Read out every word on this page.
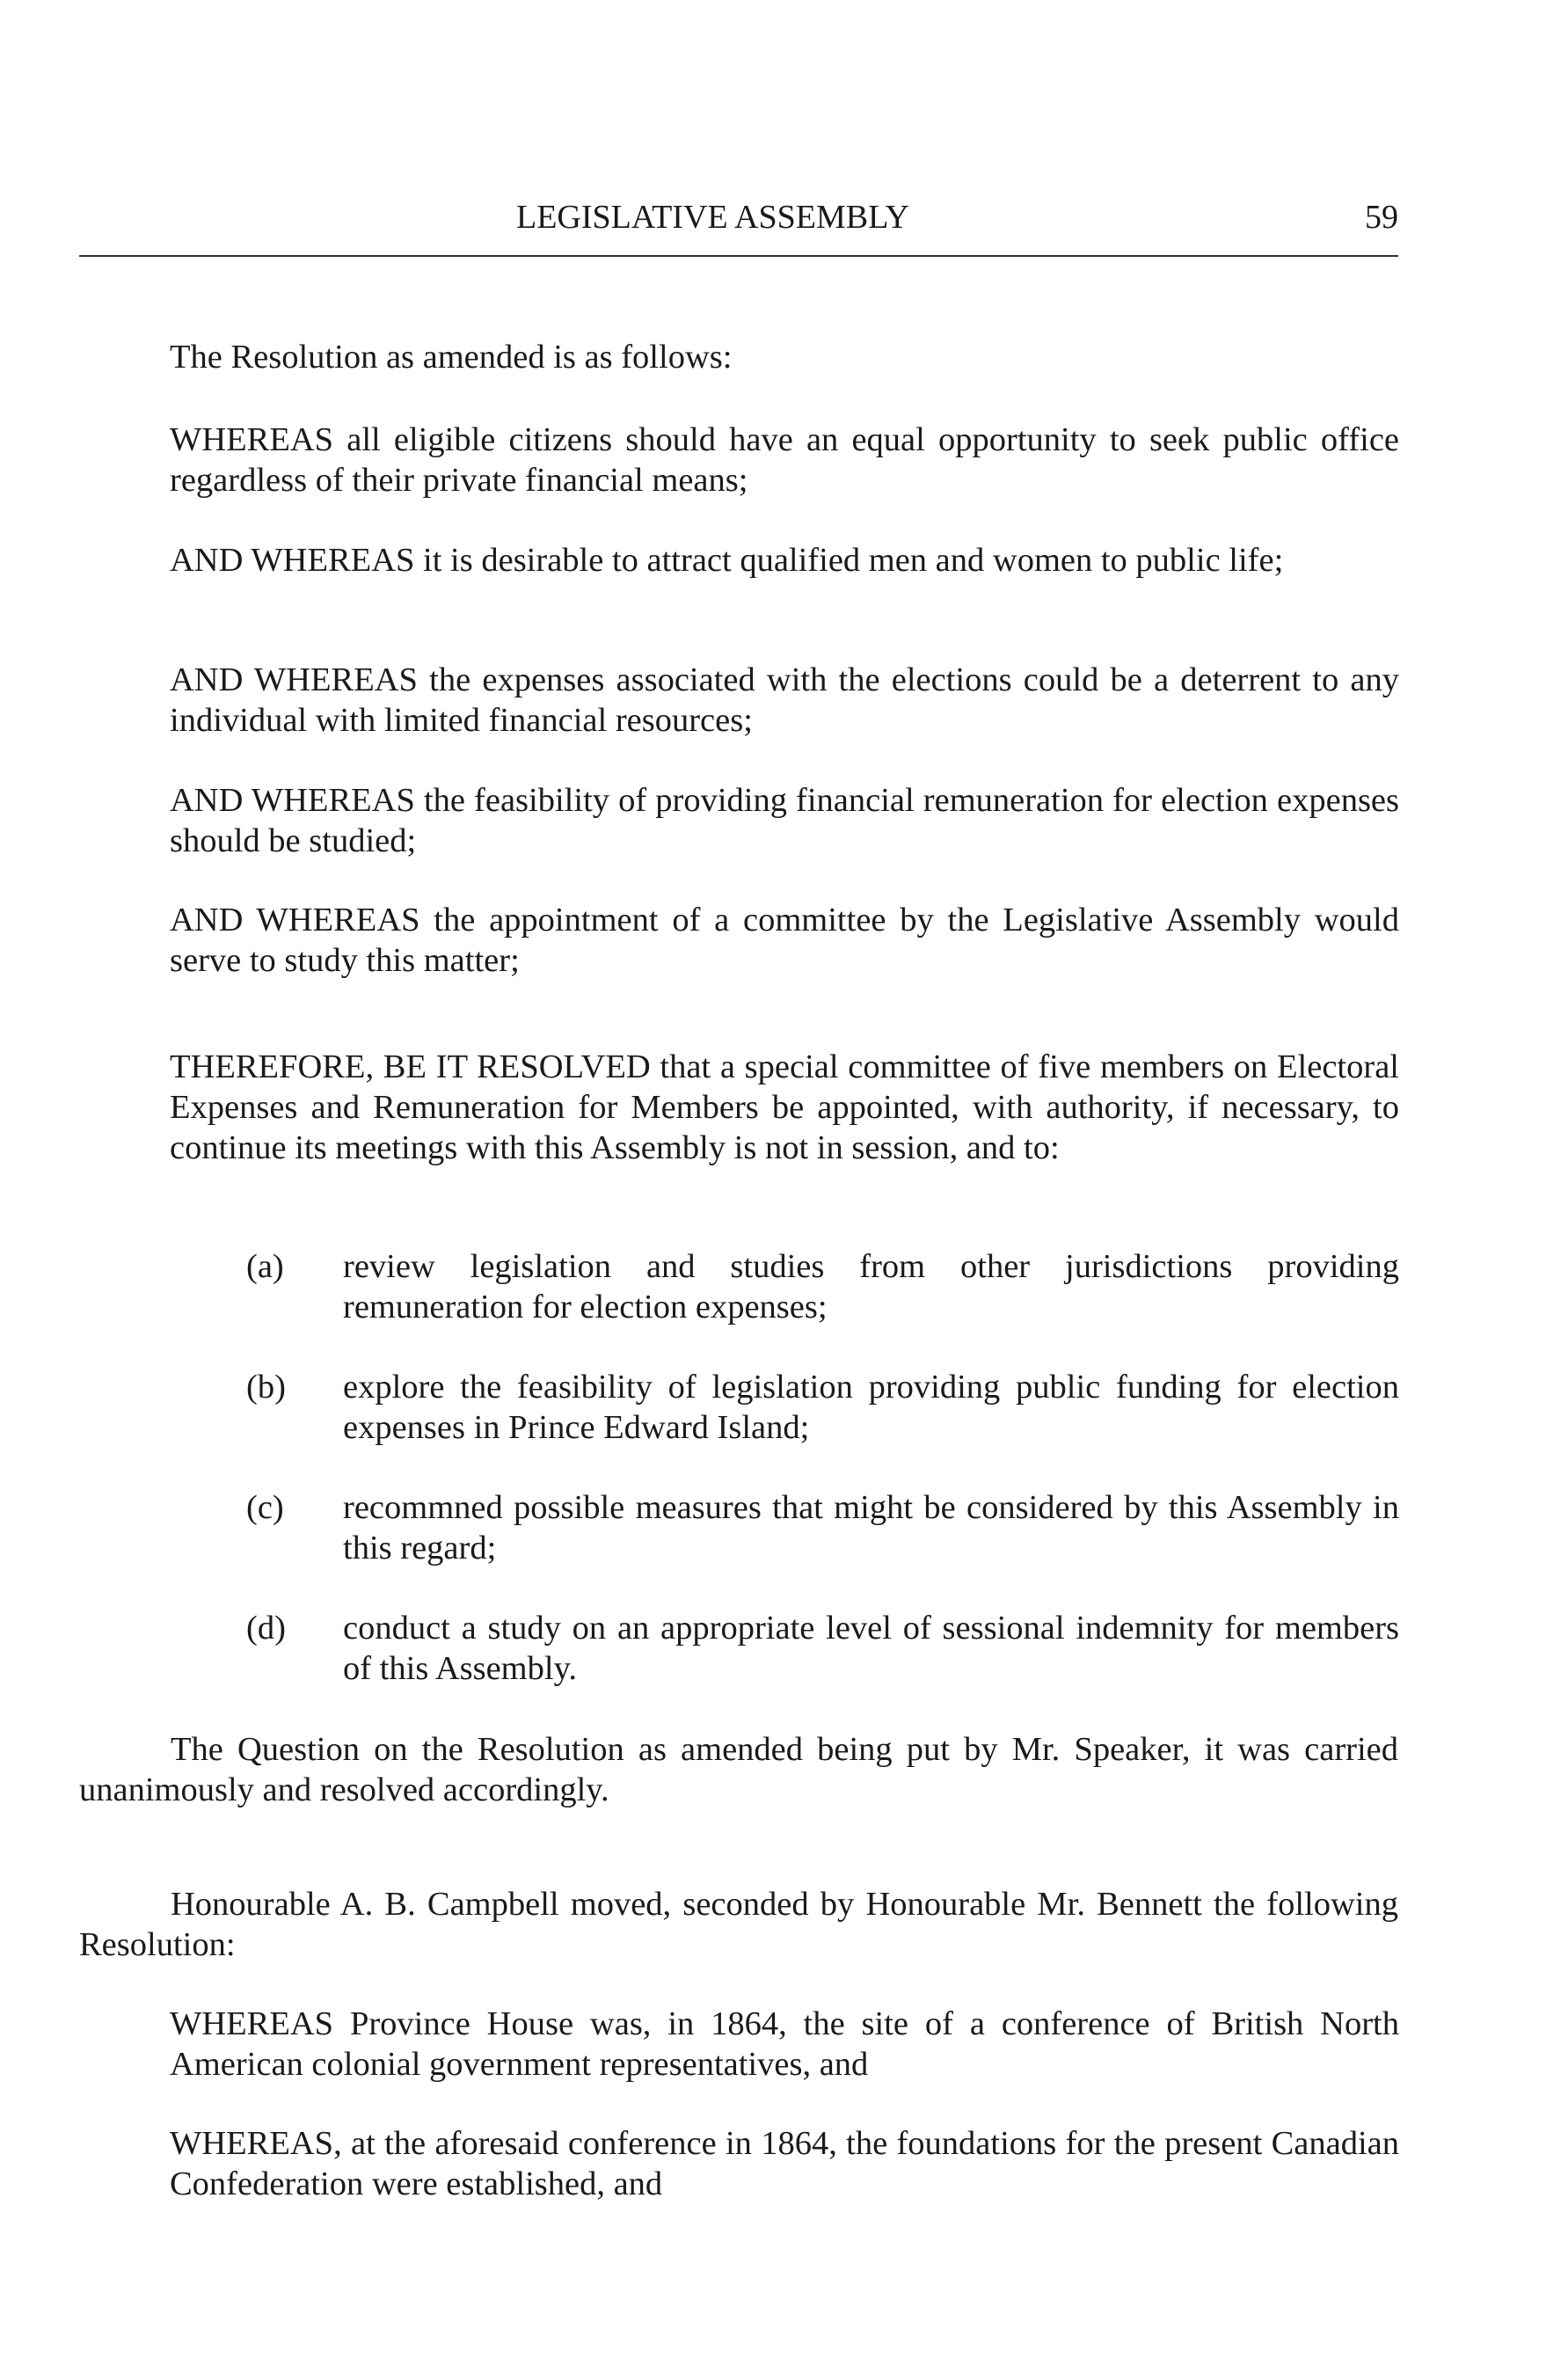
LEGISLATIVE ASSEMBLY	59
The Resolution as amended is as follows:
WHEREAS all eligible citizens should have an equal opportunity to seek public office regardless of their private financial means;
AND WHEREAS it is desirable to attract qualified men and women to public life;
AND WHEREAS the expenses associated with the elections could be a deterrent to any individual with limited financial resources;
AND WHEREAS the feasibility of providing financial remuneration for election expenses should be studied;
AND WHEREAS the appointment of a committee by the Legislative Assembly would serve to study this matter;
THEREFORE, BE IT RESOLVED that a special committee of five members on Electoral Expenses and Remuneration for Members be appointed, with authority, if necessary, to continue its meetings with this Assembly is not in session, and to:
(a) review legislation and studies from other jurisdictions providing remuneration for election expenses;
(b) explore the feasibility of legislation providing public funding for election expenses in Prince Edward Island;
(c) recommned possible measures that might be considered by this Assembly in this regard;
(d) conduct a study on an appropriate level of sessional indemnity for members of this Assembly.
The Question on the Resolution as amended being put by Mr. Speaker, it was carried unanimously and resolved accordingly.
Honourable A. B. Campbell moved, seconded by Honourable Mr. Bennett the following Resolution:
WHEREAS Province House was, in 1864, the site of a conference of British North American colonial government representatives, and
WHEREAS, at the aforesaid conference in 1864, the foundations for the present Canadian Confederation were established, and
